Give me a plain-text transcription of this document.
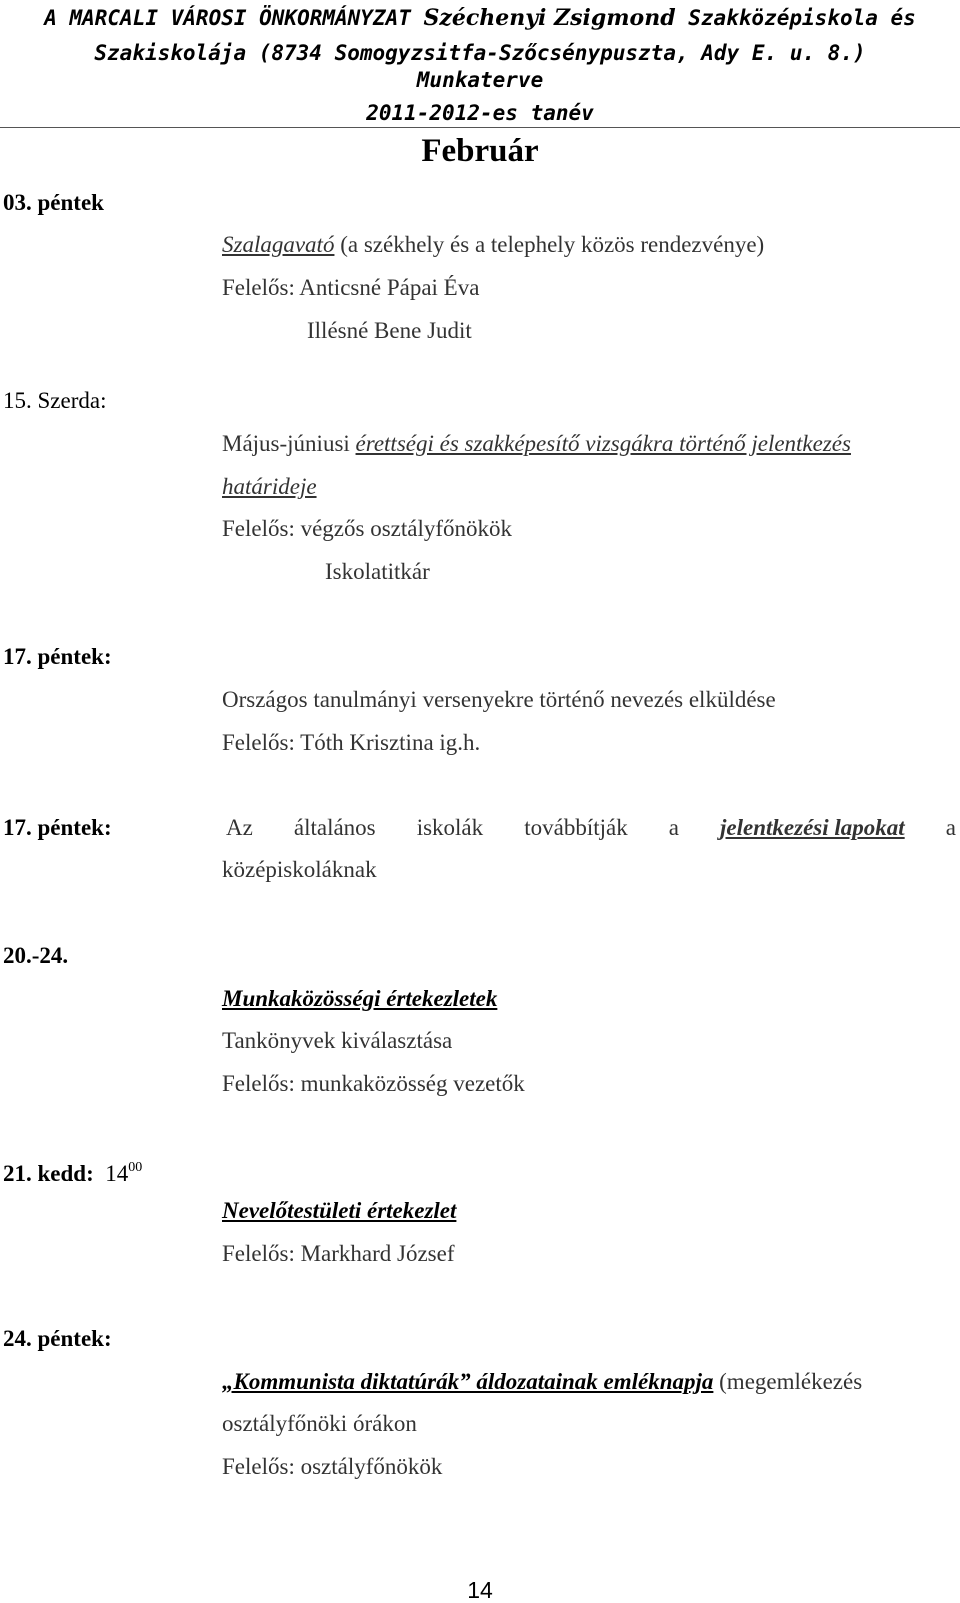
A MARCALI VÁROSI ÖNKORMÁNYZAT Széchenyi Zsigmond Szakközépiskola és
Szakiskolája (8734 Somogyzsitfa-Szőcsénypuszta, Ady E. u. 8.)
Munkaterve
2011-2012-es tanév
Február
03. péntek
Szalagavató (a székhely és a telephely közös rendezvénye)
Felelős: Anticsné Pápai Éva
Illésné Bene Judit
15. Szerda:
Május-júniusi érettségi és szakképesítő vizsgákra történő jelentkezés
határideje
Felelős: végzős osztályfőnökök
Iskolatitkár
17. péntek:
Országos tanulmányi versenyekre történő nevezés elküldése
Felelős: Tóth Krisztina ig.h.
17. péntek:	Az általános iskolák továbbítják a jelentkezési lapokat a
középiskoláknak
20.-24.
Munkaközösségi értekezletek
Tankönyvek kiválasztása
Felelős: munkaközösség vezetők
21. kedd: $14^{00}$
Nevelőtestületi értekezlet
Felelős: Markhard József
24. péntek:
„Kommunista diktatúrák” áldozatainak emléknapja (megemlékezés
osztályfőnöki órákon
Felelős: osztályfőnökök
14
